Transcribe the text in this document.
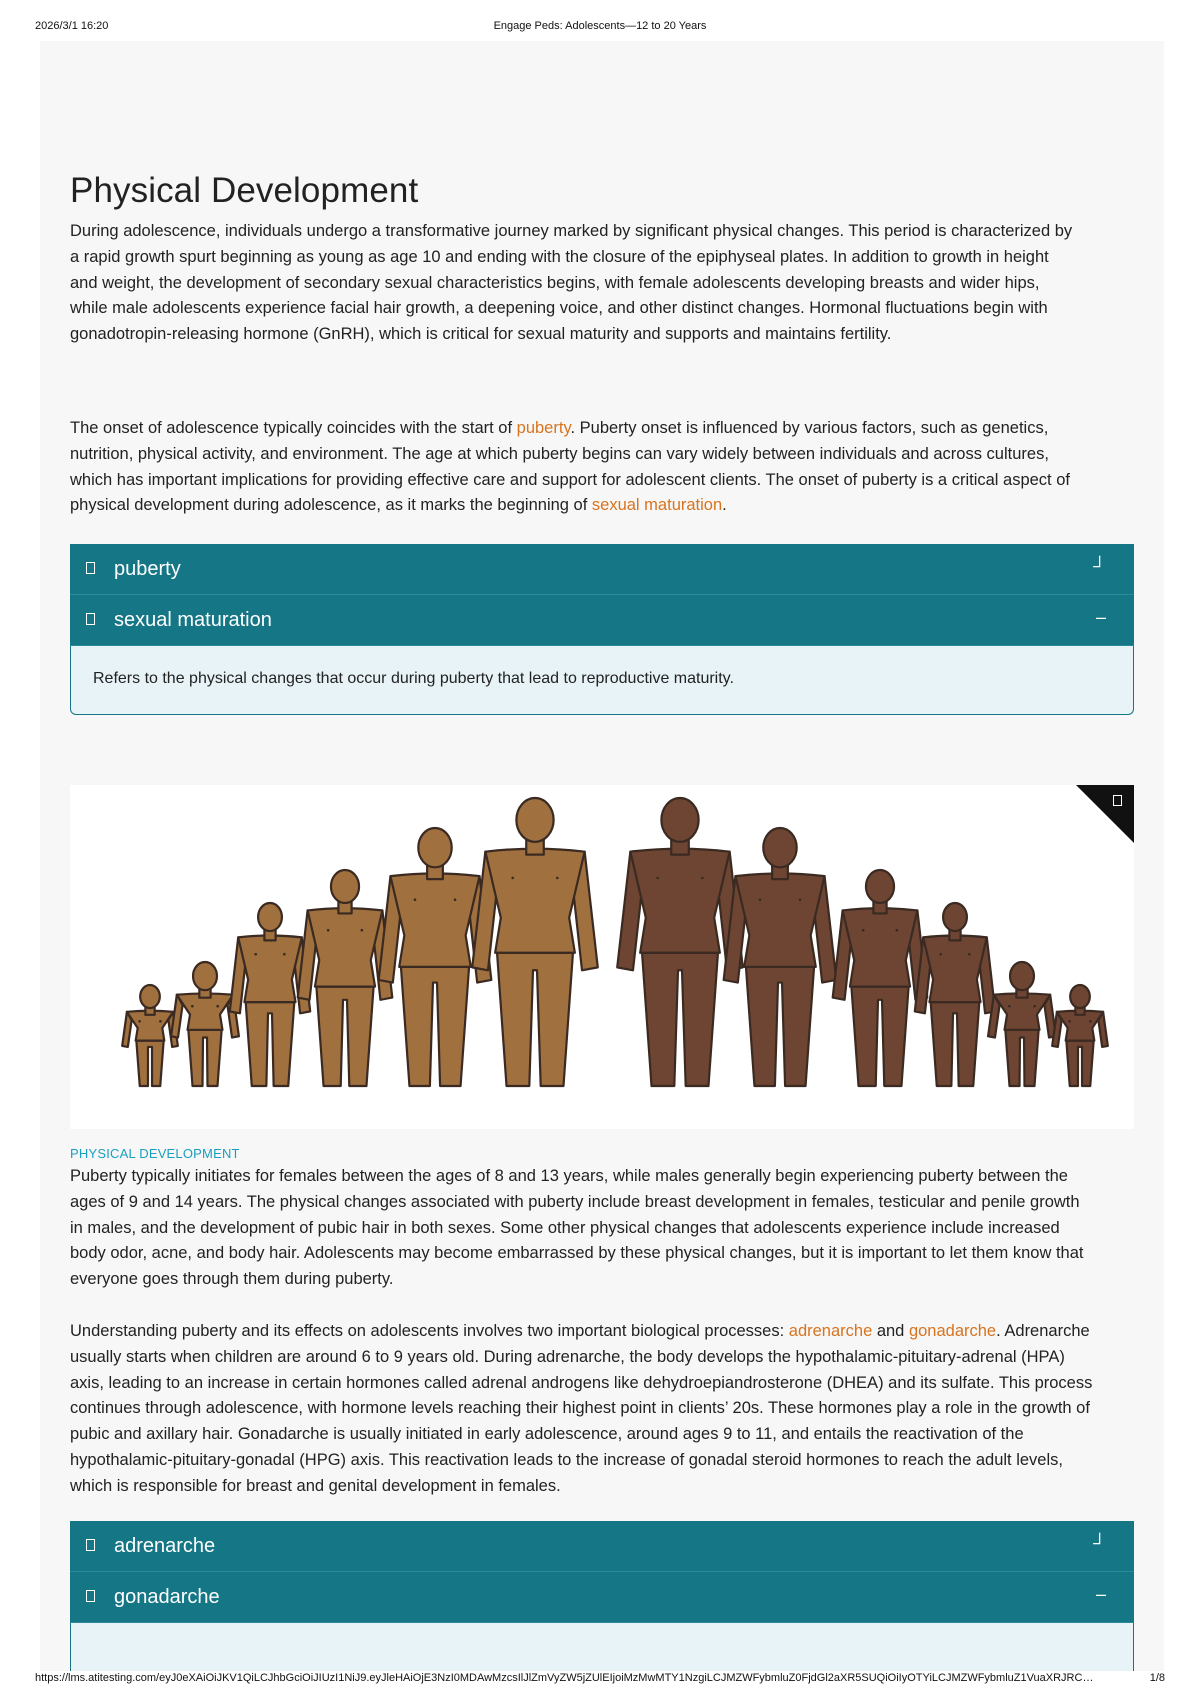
2026/3/1 16:20	Engage Peds: Adolescents—12 to 20 Years
Physical Development

During adolescence, individuals undergo a transformative journey marked by significant physical changes. This period is characterized by a rapid growth spurt beginning as young as age 10 and ending with the closure of the epiphyseal plates. In addition to growth in height and weight, the development of secondary sexual characteristics begins, with female adolescents developing breasts and wider hips, while male adolescents experience facial hair growth, a deepening voice, and other distinct changes. Hormonal fluctuations begin with gonadotropin-releasing hormone (GnRH), which is critical for sexual maturity and supports and maintains fertility.

The onset of adolescence typically coincides with the start of puberty. Puberty onset is influenced by various factors, such as genetics, nutrition, physical activity, and environment. The age at which puberty begins can vary widely between individuals and across cultures, which has important implications for providing effective care and support for adolescent clients. The onset of puberty is a critical aspect of physical development during adolescence, as it marks the beginning of sexual maturation.

puberty	┘
sexual maturation	–
Refers to the physical changes that occur during puberty that lead to reproductive maturity.
PHYSICAL DEVELOPMENT

Puberty typically initiates for females between the ages of 8 and 13 years, while males generally begin experiencing puberty between the ages of 9 and 14 years. The physical changes associated with puberty include breast development in females, testicular and penile growth in males, and the development of pubic hair in both sexes. Some other physical changes that adolescents experience include increased body odor, acne, and body hair. Adolescents may become embarrassed by these physical changes, but it is important to let them know that everyone goes through them during puberty.

Understanding puberty and its effects on adolescents involves two important biological processes: adrenarche and gonadarche. Adrenarche usually starts when children are around 6 to 9 years old. During adrenarche, the body develops the hypothalamic-pituitary-adrenal (HPA) axis, leading to an increase in certain hormones called adrenal androgens like dehydroepiandrosterone (DHEA) and its sulfate. This process continues through adolescence, with hormone levels reaching their highest point in clients’ 20s. These hormones play a role in the growth of pubic and axillary hair. Gonadarche is usually initiated in early adolescence, around ages 9 to 11, and entails the reactivation of the hypothalamic-pituitary-gonadal (HPG) axis. This reactivation leads to the increase of gonadal steroid hormones to reach the adult levels, which is responsible for breast and genital development in females.

adrenarche	┘
gonadarche	–
https://lms.atitesting.com/eyJ0eXAiOiJKV1QiLCJhbGciOiJIUzI1NiJ9.eyJleHAiOjE3NzI0MDAwMzcsIlJlZmVyZW5jZUlEIjoiMzMwMTY1NzgiLCJMZWFybmluZ0FjdGl2aXR5SUQiOiIyOTYiLCJMZWFybmluZ1VuaXRJRC…	1/8
